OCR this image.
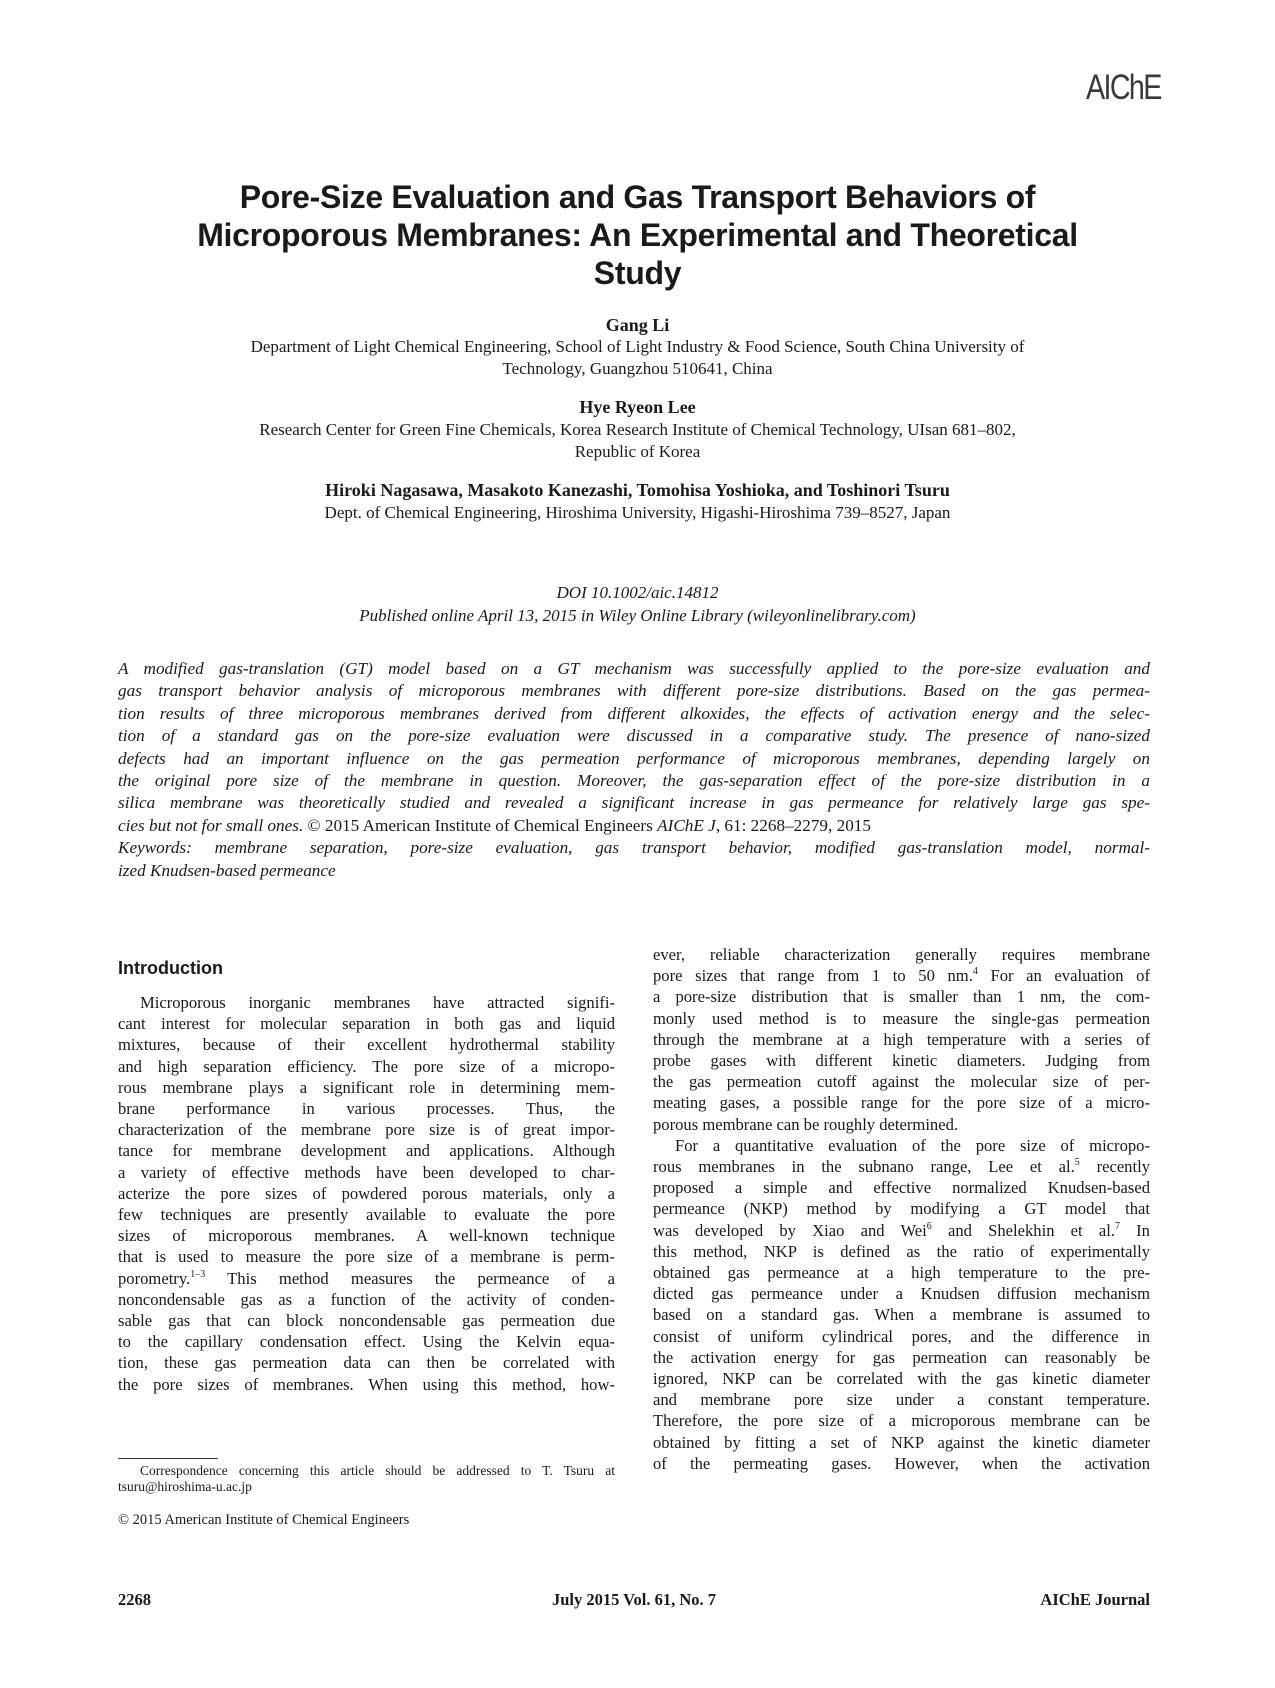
AIChE
Pore-Size Evaluation and Gas Transport Behaviors of
Microporous Membranes: An Experimental and Theoretical
Study
Gang Li
Department of Light Chemical Engineering, School of Light Industry & Food Science, South China University of
Technology, Guangzhou 510641, China
Hye Ryeon Lee
Research Center for Green Fine Chemicals, Korea Research Institute of Chemical Technology, UIsan 681–802,
Republic of Korea
Hiroki Nagasawa, Masakoto Kanezashi, Tomohisa Yoshioka, and Toshinori Tsuru
Dept. of Chemical Engineering, Hiroshima University, Higashi-Hiroshima 739–8527, Japan
DOI 10.1002/aic.14812
Published online April 13, 2015 in Wiley Online Library (wileyonlinelibrary.com)
A modified gas-translation (GT) model based on a GT mechanism was successfully applied to the pore-size evaluation and
gas transport behavior analysis of microporous membranes with different pore-size distributions. Based on the gas permea-
tion results of three microporous membranes derived from different alkoxides, the effects of activation energy and the selec-
tion of a standard gas on the pore-size evaluation were discussed in a comparative study. The presence of nano-sized
defects had an important influence on the gas permeation performance of microporous membranes, depending largely on
the original pore size of the membrane in question. Moreover, the gas-separation effect of the pore-size distribution in a
silica membrane was theoretically studied and revealed a significant increase in gas permeance for relatively large gas spe-
cies but not for small ones. © 2015 American Institute of Chemical Engineers AIChE J, 61: 2268–2279, 2015
Keywords: membrane separation, pore-size evaluation, gas transport behavior, modified gas-translation model, normal-
ized Knudsen-based permeance
Introduction
Microporous inorganic membranes have attracted signifi-
cant interest for molecular separation in both gas and liquid
mixtures, because of their excellent hydrothermal stability
and high separation efficiency. The pore size of a micropo-
rous membrane plays a significant role in determining mem-
brane performance in various processes. Thus, the
characterization of the membrane pore size is of great impor-
tance for membrane development and applications. Although
a variety of effective methods have been developed to char-
acterize the pore sizes of powdered porous materials, only a
few techniques are presently available to evaluate the pore
sizes of microporous membranes. A well-known technique
that is used to measure the pore size of a membrane is perm-
porometry.$^{1-3}$ This method measures the permeance of a
noncondensable gas as a function of the activity of conden-
sable gas that can block noncondensable gas permeation due
to the capillary condensation effect. Using the Kelvin equa-
tion, these gas permeation data can then be correlated with
the pore sizes of membranes. When using this method, how-
ever, reliable characterization generally requires membrane
pore sizes that range from 1 to 50 nm.$^4$ For an evaluation of
a pore-size distribution that is smaller than 1 nm, the com-
monly used method is to measure the single-gas permeation
through the membrane at a high temperature with a series of
probe gases with different kinetic diameters. Judging from
the gas permeation cutoff against the molecular size of per-
meating gases, a possible range for the pore size of a micro-
porous membrane can be roughly determined.
For a quantitative evaluation of the pore size of micropo-
rous membranes in the subnano range, Lee et al.$^5$ recently
proposed a simple and effective normalized Knudsen-based
permeance (NKP) method by modifying a GT model that
was developed by Xiao and Wei$^6$ and Shelekhin et al.$^7$ In
this method, NKP is defined as the ratio of experimentally
obtained gas permeance at a high temperature to the pre-
dicted gas permeance under a Knudsen diffusion mechanism
based on a standard gas. When a membrane is assumed to
consist of uniform cylindrical pores, and the difference in
the activation energy for gas permeation can reasonably be
ignored, NKP can be correlated with the gas kinetic diameter
and membrane pore size under a constant temperature.
Therefore, the pore size of a microporous membrane can be
obtained by fitting a set of NKP against the kinetic diameter
of the permeating gases. However, when the activation
Correspondence concerning this article should be addressed to T. Tsuru at
tsuru@hiroshima-u.ac.jp
© 2015 American Institute of Chemical Engineers
2268	July 2015 Vol. 61, No. 7	AIChE Journal
